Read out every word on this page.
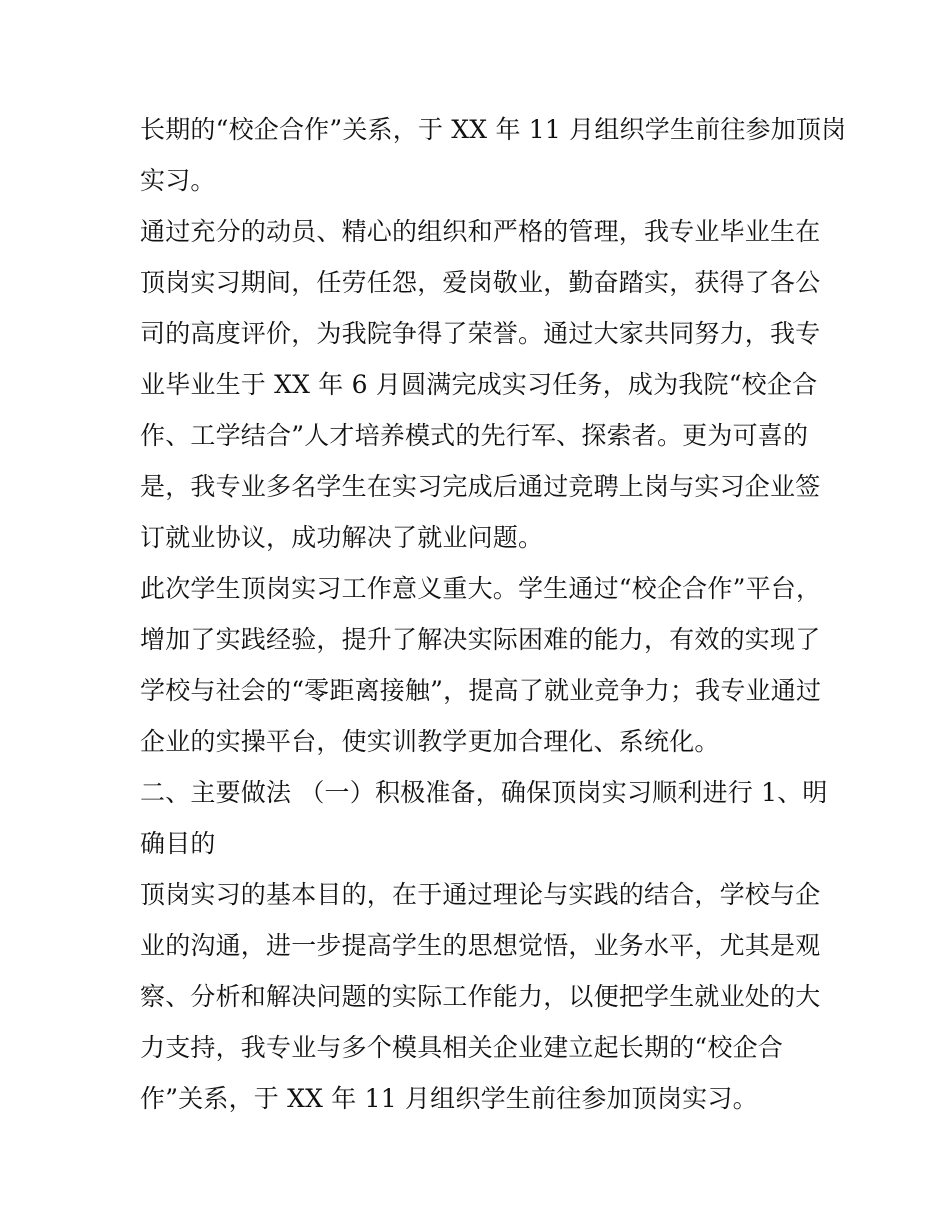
长期的“校企合作”关系，于 XX 年 11 月组织学生前往参加顶岗
实习。
通过充分的动员、精心的组织和严格的管理，我专业毕业生在
顶岗实习期间，任劳任怨，爱岗敬业，勤奋踏实，获得了各公
司的高度评价，为我院争得了荣誉。通过大家共同努力，我专
业毕业生于 XX 年 6 月圆满完成实习任务，成为我院“校企合
作、工学结合”人才培养模式的先行军、探索者。更为可喜的
是，我专业多名学生在实习完成后通过竞聘上岗与实习企业签
订就业协议，成功解决了就业问题。
此次学生顶岗实习工作意义重大。学生通过“校企合作”平台，
增加了实践经验，提升了解决实际困难的能力，有效的实现了
学校与社会的“零距离接触”，提高了就业竞争力；我专业通过
企业的实操平台，使实训教学更加合理化、系统化。
二、主要做法 （一）积极准备，确保顶岗实习顺利进行 1、明
确目的
顶岗实习的基本目的，在于通过理论与实践的结合，学校与企
业的沟通，进一步提高学生的思想觉悟，业务水平，尤其是观
察、分析和解决问题的实际工作能力，以便把学生就业处的大
力支持，我专业与多个模具相关企业建立起长期的“校企合
作”关系，于 XX 年 11 月组织学生前往参加顶岗实习。
